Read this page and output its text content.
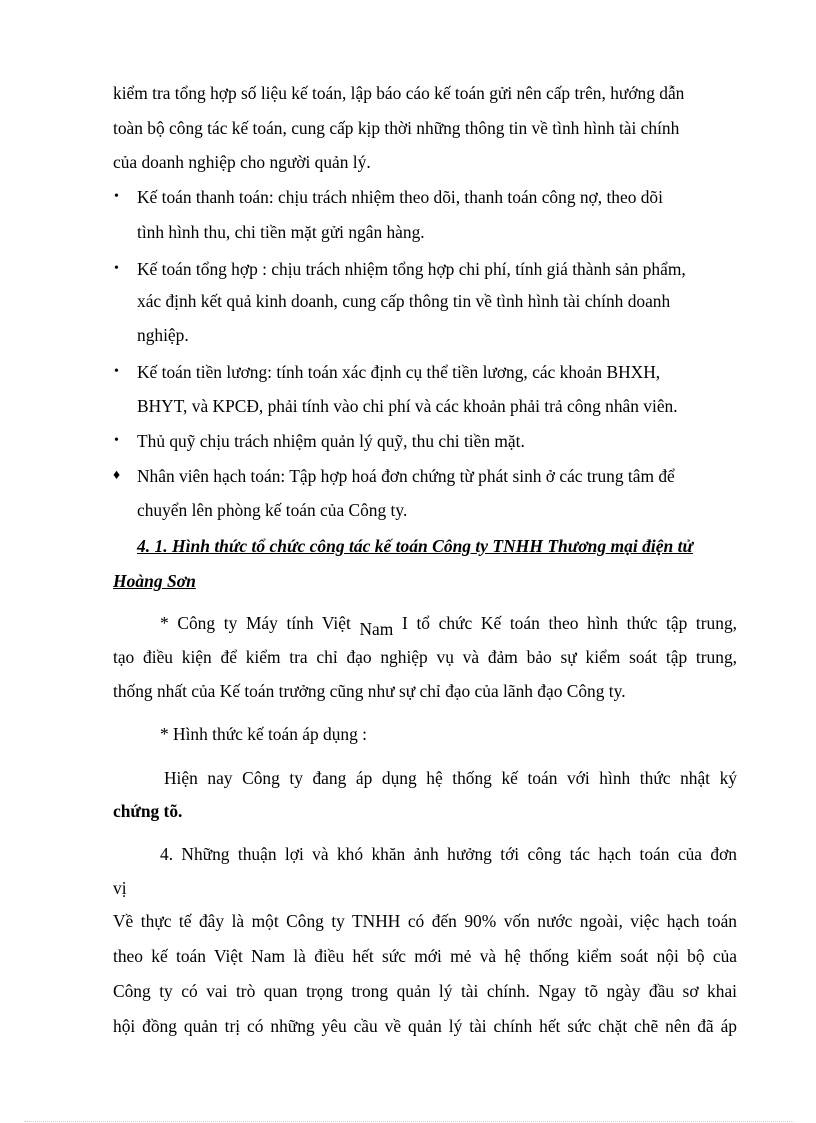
kiểm tra tổng hợp số liệu kế toán, lập báo cáo kế toán gửi nên cấp trên, hướng dẫn
toàn bộ công tác kế toán, cung cấp kịp thời những thông tin về tình hình tài chính
của doanh nghiệp cho người quản lý.
• Kế toán thanh toán: chịu trách nhiệm theo dõi, thanh toán công nợ, theo dõi
tình hình thu, chi tiền mặt gửi ngân hàng.
• Kế toán tổng hợp : chịu trách nhiệm tổng hợp chi phí, tính giá thành sản phẩm,
xác định kết quả kinh doanh, cung cấp thông tin về tình hình tài chính doanh
nghiệp.
• Kế toán tiền lương: tính toán xác định cụ thể tiền lương, các khoản BHXH,
BHYT, và KPCĐ, phải tính vào chi phí và các khoản phải trả công nhân viên.
• Thủ quỹ chịu trách nhiệm quản lý quỹ, thu chi tiền mặt.
♦ Nhân viên hạch toán: Tập hợp hoá đơn chứng từ phát sinh ở các trung tâm để
chuyển lên phòng kế toán của Công ty.
4. 1. Hình thức tổ chức công tác kế toán Công ty TNHH Thương mại điện tử
Hoàng Sơn
* Công ty Máy tính Việt Nam I tổ chức Kế toán theo hình thức tập trung,
tạo điều kiện để kiểm tra chỉ đạo nghiệp vụ và đảm bảo sự kiểm soát tập trung,
thống nhất của Kế toán trưởng cũng như sự chỉ đạo của lãnh đạo Công ty.
* Hình thức kế toán áp dụng :
Hiện nay Công ty đang áp dụng hệ thống kế toán với hình thức nhật ký
chứng tõ.
4. Những thuận lợi và khó khăn ảnh hưởng tới công tác hạch toán của đơn
vị
Về thực tế đây là một Công ty TNHH có đến 90% vốn nước ngoài, việc hạch toán
theo kế toán Việt Nam là điều hết sức mới mẻ và hệ thống kiểm soát nội bộ của
Công ty có vai trò quan trọng trong quản lý tài chính. Ngay tõ ngày đầu sơ khai
hội đồng quản trị có những yêu cầu về quản lý tài chính hết sức chặt chẽ nên đã áp
